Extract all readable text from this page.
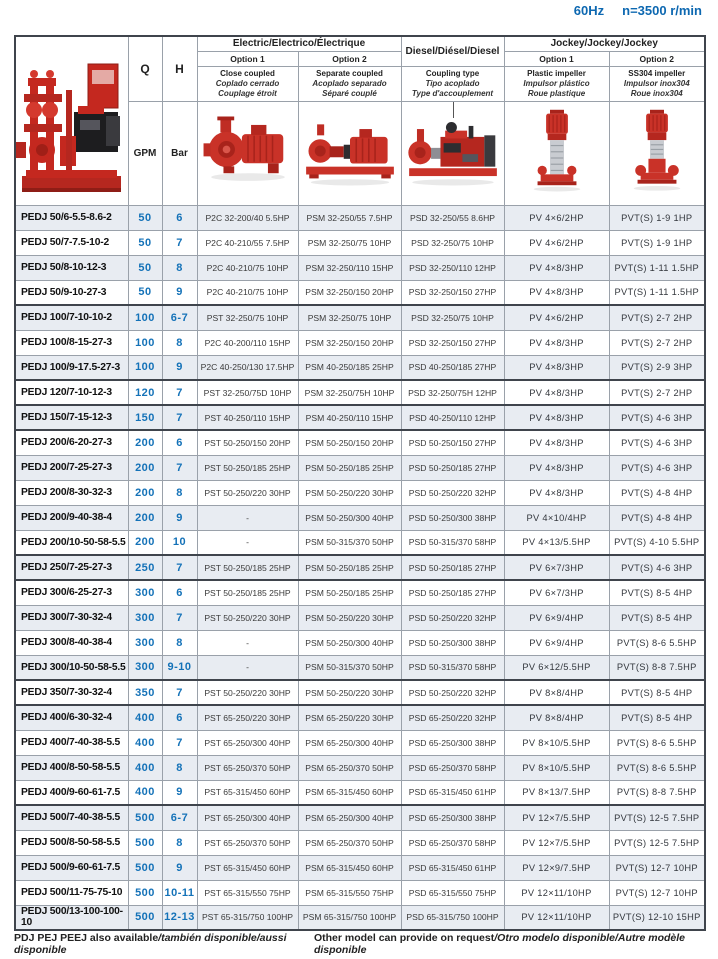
60Hz n=3500 r/min
	Q	H	Electric/Electrico/Électrique		Diesel/Diésel/Diesel	Jockey/Jockey/Jockey	
			Option 1	Option 2		Option 1	Option 2
			Close coupled
Coplado cerrado
Couplage étroit	Separate coupled
Acoplado separado
Séparé couplé	Coupling type
Tipo acoplado
Type d'accouplement	Plastic impeller
Impulsor plástico
Roue plastique	SS304 impeller
Impulsor inox304
Roue inox304
	GPM	Bar			

PEDJ 50/6-5.5-8.6-2	50	6	P2C 32-200/40 5.5HP	PSM 32-250/55 7.5HP	PSD 32-250/55 8.6HP	PV 4×6/2HP	PVT(S) 1-9 1HP
PEDJ 50/7-7.5-10-2	50	7	P2C 40-210/55 7.5HP	PSM 32-250/75 10HP	PSD 32-250/75 10HP	PV 4×6/2HP	PVT(S) 1-9 1HP
PEDJ 50/8-10-12-3	50	8	P2C 40-210/75 10HP	PSM 32-250/110 15HP	PSD 32-250/110 12HP	PV 4×8/3HP	PVT(S) 1-11 1.5HP
PEDJ 50/9-10-27-3	50	9	P2C 40-210/75 10HP	PSM 32-250/150 20HP	PSD 32-250/150 27HP	PV 4×8/3HP	PVT(S) 1-11 1.5HP
PEDJ 100/7-10-10-2	100	6-7	PST 32-250/75 10HP	PSM 32-250/75 10HP	PSD 32-250/75 10HP	PV 4×6/2HP	PVT(S) 2-7 2HP
PEDJ 100/8-15-27-3	100	8	P2C 40-200/110 15HP	PSM 32-250/150 20HP	PSD 32-250/150 27HP	PV 4×8/3HP	PVT(S) 2-7 2HP
PEDJ 100/9-17.5-27-3	100	9	P2C 40-250/130 17.5HP	PSM 40-250/185 25HP	PSD 40-250/185 27HP	PV 4×8/3HP	PVT(S) 2-9 3HP
PEDJ 120/7-10-12-3	120	7	PST 32-250/75D 10HP	PSM 32-250/75H 10HP	PSD 32-250/75H 12HP	PV 4×8/3HP	PVT(S) 2-7 2HP
PEDJ 150/7-15-12-3	150	7	PST 40-250/110 15HP	PSM 40-250/110 15HP	PSD 40-250/110 12HP	PV 4×8/3HP	PVT(S) 4-6 3HP
PEDJ 200/6-20-27-3	200	6	PST 50-250/150 20HP	PSM 50-250/150 20HP	PSD 50-250/150 27HP	PV 4×8/3HP	PVT(S) 4-6 3HP
PEDJ 200/7-25-27-3	200	7	PST 50-250/185 25HP	PSM 50-250/185 25HP	PSD 50-250/185 27HP	PV 4×8/3HP	PVT(S) 4-6 3HP
PEDJ 200/8-30-32-3	200	8	PST 50-250/220 30HP	PSM 50-250/220 30HP	PSD 50-250/220 32HP	PV 4×8/3HP	PVT(S) 4-8 4HP
PEDJ 200/9-40-38-4	200	9	-	PSM 50-250/300 40HP	PSD 50-250/300 38HP	PV 4×10/4HP	PVT(S) 4-8 4HP
PEDJ 200/10-50-58-5.5	200	10	-	PSM 50-315/370 50HP	PSD 50-315/370 58HP	PV 4×13/5.5HP	PVT(S) 4-10 5.5HP
PEDJ 250/7-25-27-3	250	7	PST 50-250/185 25HP	PSM 50-250/185 25HP	PSD 50-250/185 27HP	PV 6×7/3HP	PVT(S) 4-6 3HP
PEDJ 300/6-25-27-3	300	6	PST 50-250/185 25HP	PSM 50-250/185 25HP	PSD 50-250/185 27HP	PV 6×7/3HP	PVT(S) 8-5 4HP
PEDJ 300/7-30-32-4	300	7	PST 50-250/220 30HP	PSM 50-250/220 30HP	PSD 50-250/220 32HP	PV 6×9/4HP	PVT(S) 8-5 4HP
PEDJ 300/8-40-38-4	300	8	-	PSM 50-250/300 40HP	PSD 50-250/300 38HP	PV 6×9/4HP	PVT(S) 8-6 5.5HP
PEDJ 300/10-50-58-5.5	300	9-10	-	PSM 50-315/370 50HP	PSD 50-315/370 58HP	PV 6×12/5.5HP	PVT(S) 8-8 7.5HP
PEDJ 350/7-30-32-4	350	7	PST 50-250/220 30HP	PSM 50-250/220 30HP	PSD 50-250/220 32HP	PV 8×8/4HP	PVT(S) 8-5 4HP
PEDJ 400/6-30-32-4	400	6	PST 65-250/220 30HP	PSM 65-250/220 30HP	PSD 65-250/220 32HP	PV 8×8/4HP	PVT(S) 8-5 4HP
PEDJ 400/7-40-38-5.5	400	7	PST 65-250/300 40HP	PSM 65-250/300 40HP	PSD 65-250/300 38HP	PV 8×10/5.5HP	PVT(S) 8-6 5.5HP
PEDJ 400/8-50-58-5.5	400	8	PST 65-250/370 50HP	PSM 65-250/370 50HP	PSD 65-250/370 58HP	PV 8×10/5.5HP	PVT(S) 8-6 5.5HP
PEDJ 400/9-60-61-7.5	400	9	PST 65-315/450 60HP	PSM 65-315/450 60HP	PSD 65-315/450 61HP	PV 8×13/7.5HP	PVT(S) 8-8 7.5HP
PEDJ 500/7-40-38-5.5	500	6-7	PST 65-250/300 40HP	PSM 65-250/300 40HP	PSD 65-250/300 38HP	PV 12×7/5.5HP	PVT(S) 12-5 7.5HP
PEDJ 500/8-50-58-5.5	500	8	PST 65-250/370 50HP	PSM 65-250/370 50HP	PSD 65-250/370 58HP	PV 12×7/5.5HP	PVT(S) 12-5 7.5HP
PEDJ 500/9-60-61-7.5	500	9	PST 65-315/450 60HP	PSM 65-315/450 60HP	PSD 65-315/450 61HP	PV 12×9/7.5HP	PVT(S) 12-7 10HP
PEDJ 500/11-75-75-10	500	10-11	PST 65-315/550 75HP	PSM 65-315/550 75HP	PSD 65-315/550 75HP	PV 12×11/10HP	PVT(S) 12-7 10HP
PEDJ 500/13-100-100-10	500	12-13	PST 65-315/750 100HP	PSM 65-315/750 100HP	PSD 65-315/750 100HP	PV 12×11/10HP	PVT(S) 12-10 15HP
PDJ PEJ PEEJ also available/también disponible/aussi disponible
Other model can provide on request/Otro modelo disponible/Autre modèle disponible
